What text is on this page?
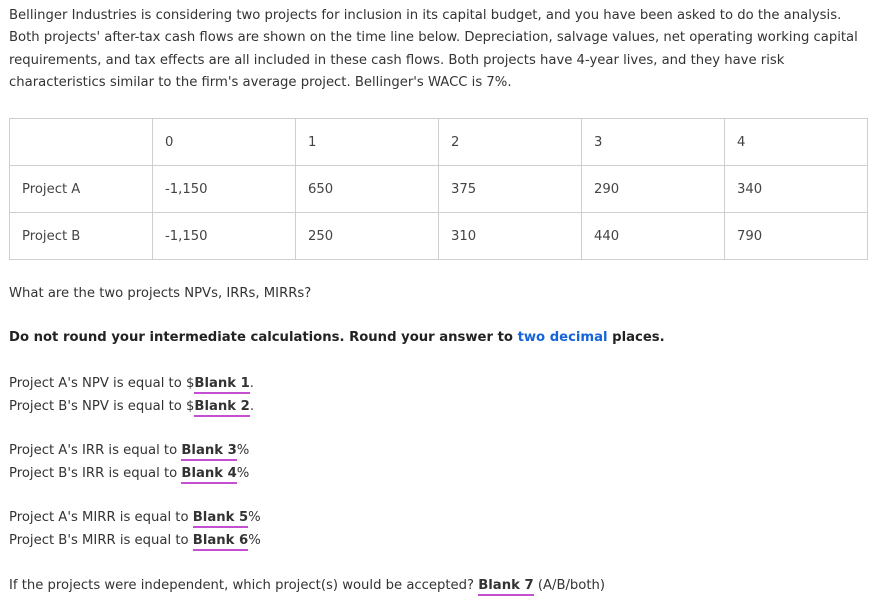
Bellinger Industries is considering two projects for inclusion in its capital budget, and you have been asked to do the analysis. Both projects' after-tax cash flows are shown on the time line below. Depreciation, salvage values, net operating working capital requirements, and tax effects are all included in these cash flows. Both projects have 4-year lives, and they have risk characteristics similar to the firm's average project. Bellinger's WACC is 7%.

	0	1	2	3	4
Project A	-1,150	650	375	290	340
Project B	-1,150	250	310	440	790

What are the two projects NPVs, IRRs, MIRRs?

Do not round your intermediate calculations. Round your answer to two decimal places.

Project A's NPV is equal to $Blank 1.
Project B's NPV is equal to $Blank 2.
Project A's IRR is equal to Blank 3%
Project B's IRR is equal to Blank 4%
Project A's MIRR is equal to Blank 5%
Project B's MIRR is equal to Blank 6%
If the projects were independent, which project(s) would be accepted? Blank 7 (A/B/both)
